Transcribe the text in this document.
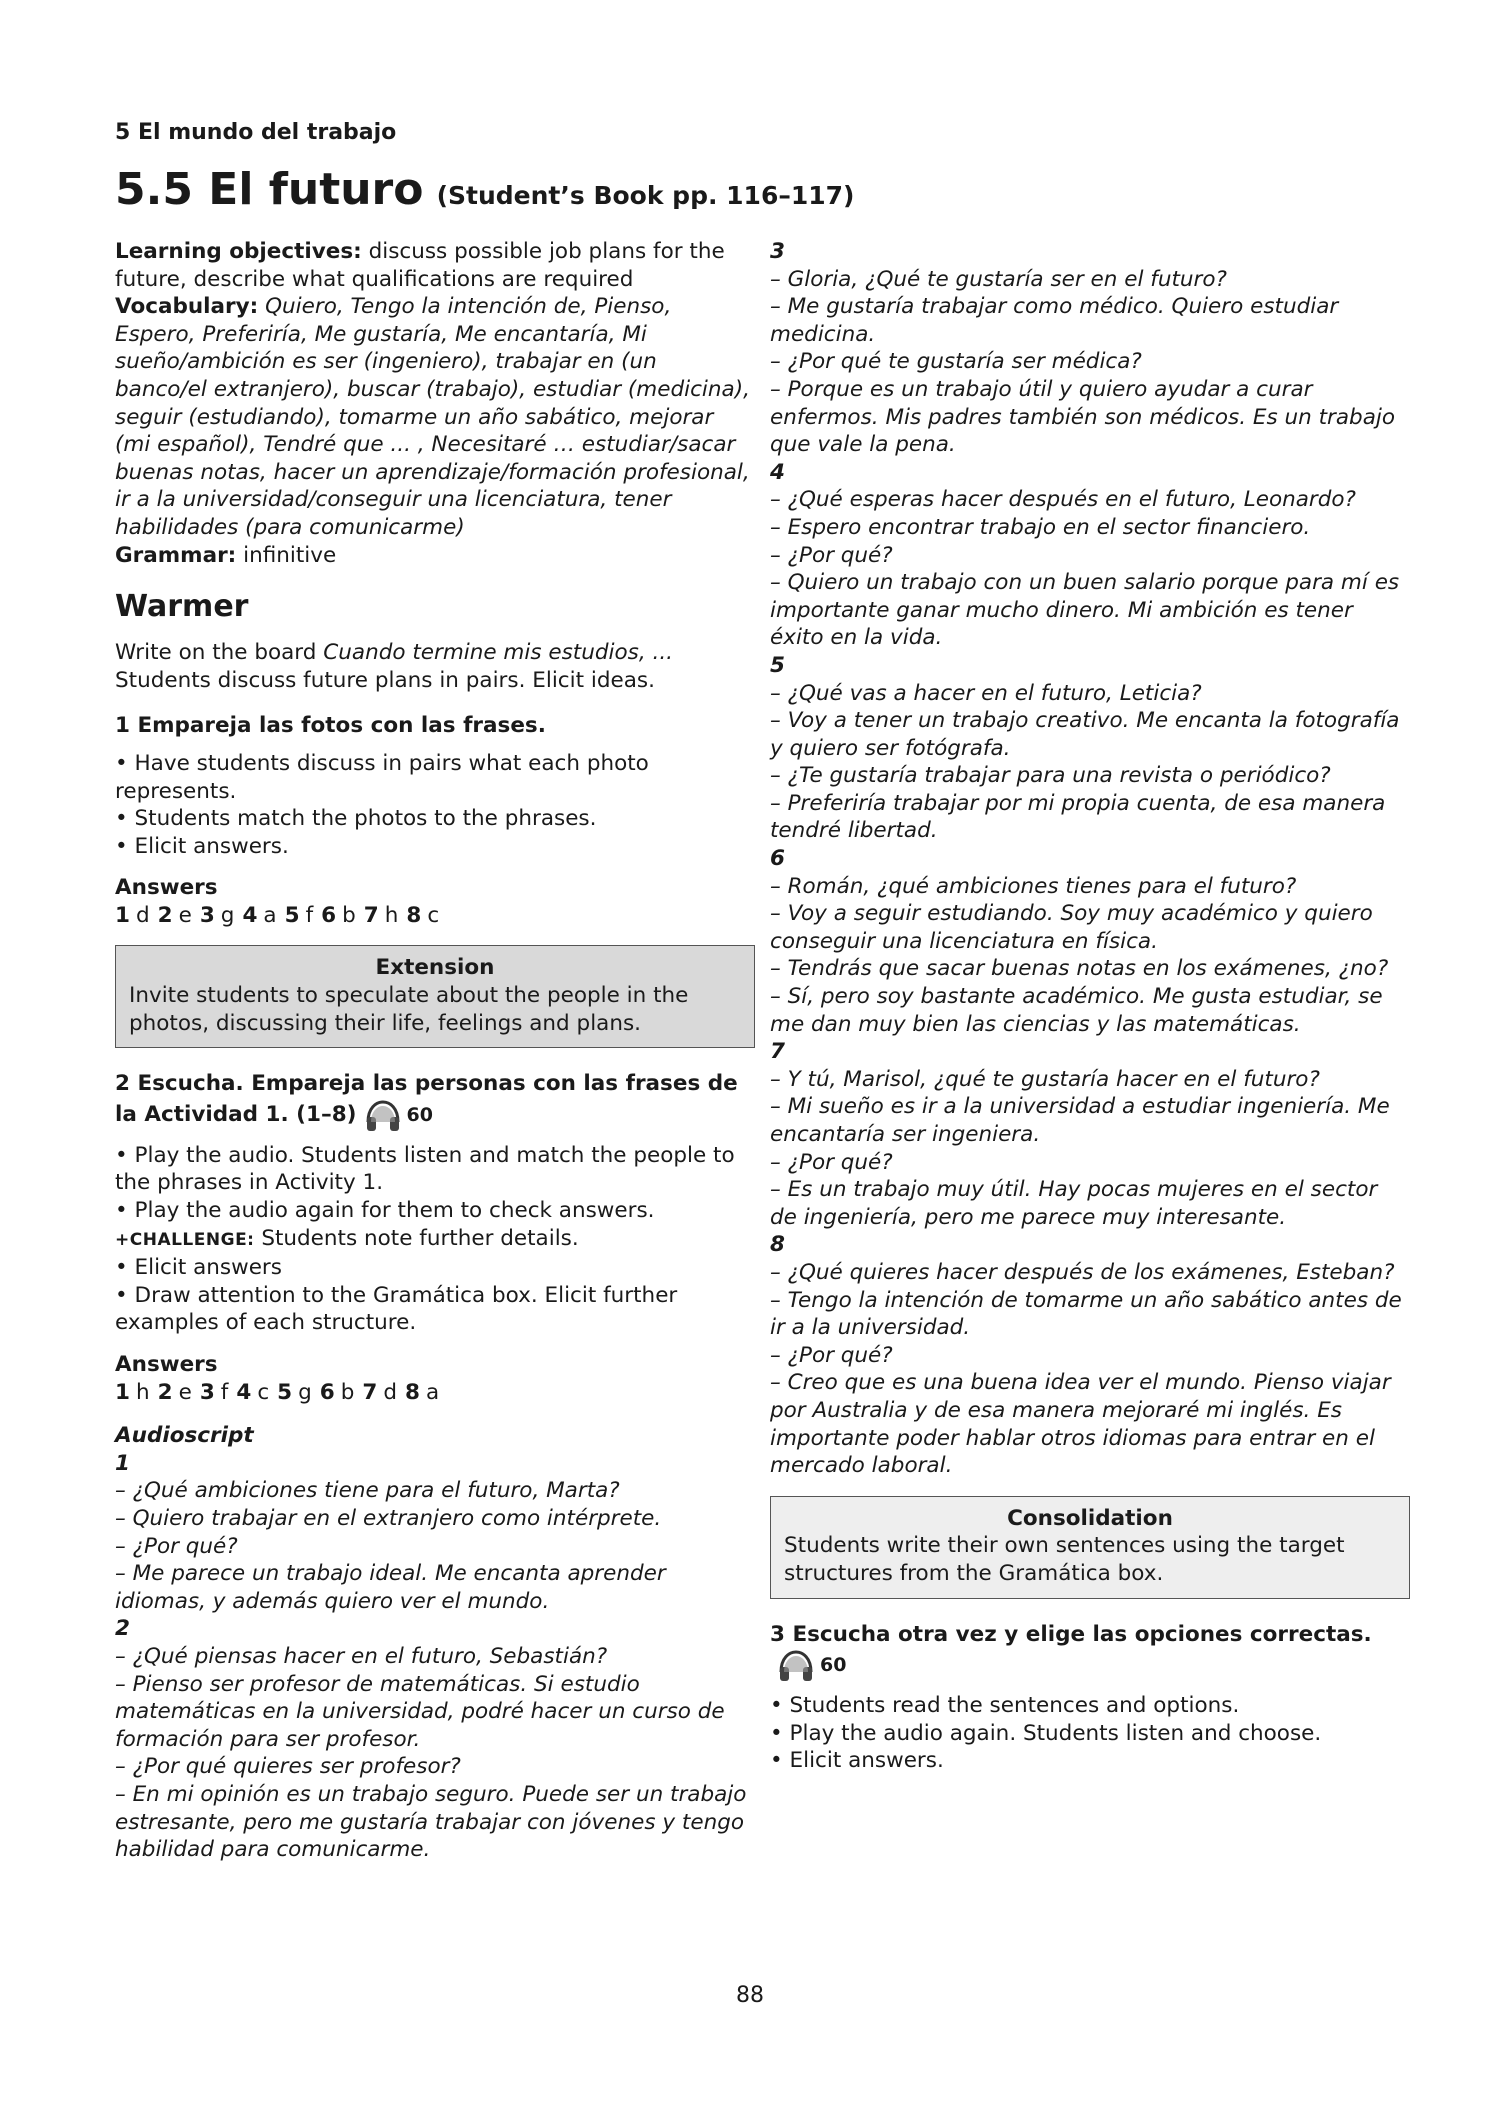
5 El mundo del trabajo

5.5 El futuro (Student’s Book pp. 116–117)

Learning objectives: discuss possible job plans for the future, describe what qualifications are required

Vocabulary: Quiero, Tengo la intención de, Pienso, Espero, Preferiría, Me gustaría, Me encantaría, Mi sueño/ambición es ser (ingeniero), trabajar en (un banco/el extranjero), buscar (trabajo), estudiar (medicina), seguir (estudiando), tomarme un año sabático, mejorar (mi español), Tendré que ... , Necesitaré … estudiar/sacar buenas notas, hacer un aprendizaje/formación profesional, ir a la universidad/conseguir una licenciatura, tener habilidades (para comunicarme)

Grammar: infinitive

Warmer

Write on the board Cuando termine mis estudios, ... Students discuss future plans in pairs. Elicit ideas.

1 Empareja las fotos con las frases.

• Have students discuss in pairs what each photo represents.

• Students match the photos to the phrases.

• Elicit answers.

Answers

1 d 2 e 3 g 4 a 5 f 6 b 7 h 8 c

Extension

Invite students to speculate about the people in the photos, discussing their life, feelings and plans.

2 Escucha. Empareja las personas con las frases de la Actividad 1. (1–8)	60

• Play the audio. Students listen and match the people to the phrases in Activity 1.

• Play the audio again for them to check answers.

+CHALLENGE: Students note further details.

• Elicit answers

• Draw attention to the Gramática box. Elicit further examples of each structure.

Answers

1 h 2 e 3 f 4 c 5 g 6 b 7 d 8 a

Audioscript

1

– ¿Qué ambiciones tiene para el futuro, Marta?

– Quiero trabajar en el extranjero como intérprete.

– ¿Por qué?

– Me parece un trabajo ideal. Me encanta aprender idiomas, y además quiero ver el mundo.

2

– ¿Qué piensas hacer en el futuro, Sebastián?

– Pienso ser profesor de matemáticas. Si estudio matemáticas en la universidad, podré hacer un curso de formación para ser profesor.

– ¿Por qué quieres ser profesor?

– En mi opinión es un trabajo seguro. Puede ser un trabajo estresante, pero me gustaría trabajar con jóvenes y tengo habilidad para comunicarme.

3

– Gloria, ¿Qué te gustaría ser en el futuro?

– Me gustaría trabajar como médico. Quiero estudiar medicina.

– ¿Por qué te gustaría ser médica?

– Porque es un trabajo útil y quiero ayudar a curar enfermos. Mis padres también son médicos. Es un trabajo que vale la pena.

4

– ¿Qué esperas hacer después en el futuro, Leonardo?

– Espero encontrar trabajo en el sector financiero.

– ¿Por qué?

– Quiero un trabajo con un buen salario porque para mí es importante ganar mucho dinero. Mi ambición es tener éxito en la vida.

5

– ¿Qué vas a hacer en el futuro, Leticia?

– Voy a tener un trabajo creativo. Me encanta la fotografía y quiero ser fotógrafa.

– ¿Te gustaría trabajar para una revista o periódico?

– Preferiría trabajar por mi propia cuenta, de esa manera tendré libertad.

6

– Román, ¿qué ambiciones tienes para el futuro?

– Voy a seguir estudiando. Soy muy académico y quiero conseguir una licenciatura en física.

– Tendrás que sacar buenas notas en los exámenes, ¿no?

– Sí, pero soy bastante académico. Me gusta estudiar, se me dan muy bien las ciencias y las matemáticas.

7

– Y tú, Marisol, ¿qué te gustaría hacer en el futuro?

– Mi sueño es ir a la universidad a estudiar ingeniería. Me encantaría ser ingeniera.

– ¿Por qué?

– Es un trabajo muy útil. Hay pocas mujeres en el sector de ingeniería, pero me parece muy interesante.

8

– ¿Qué quieres hacer después de los exámenes, Esteban?

– Tengo la intención de tomarme un año sabático antes de ir a la universidad.

– ¿Por qué?

– Creo que es una buena idea ver el mundo. Pienso viajar por Australia y de esa manera mejoraré mi inglés. Es importante poder hablar otros idiomas para entrar en el mercado laboral.

Consolidation

Students write their own sentences using the target structures from the Gramática box.

3 Escucha otra vez y elige las opciones correctas.60

• Students read the sentences and options.

• Play the audio again. Students listen and choose.

• Elicit answers.

88
